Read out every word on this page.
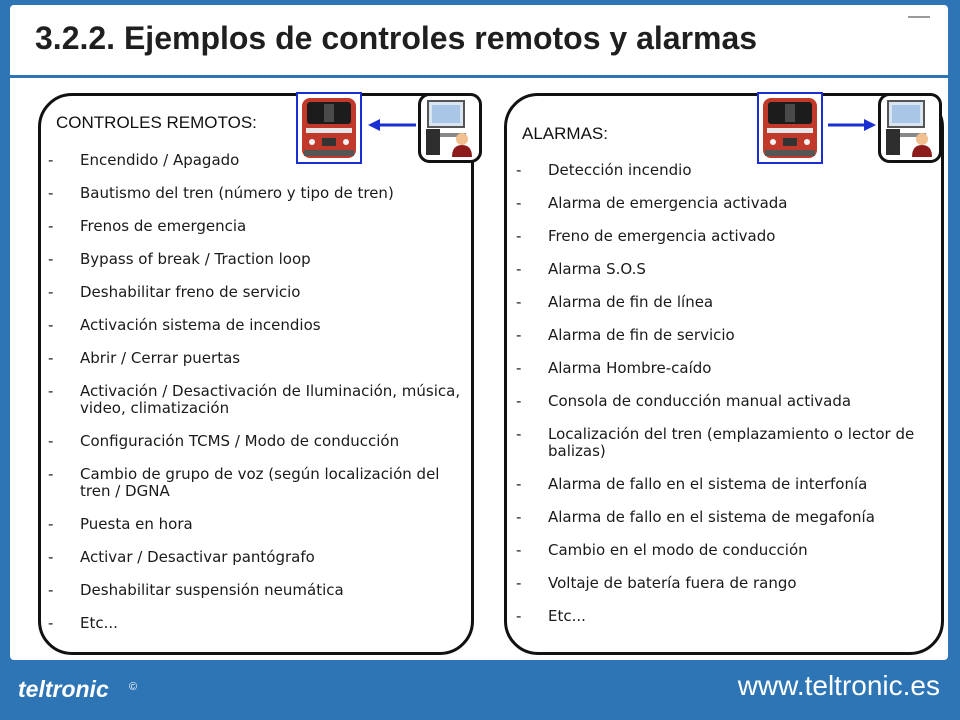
3.2.2. Ejemplos de controles remotos y alarmas
CONTROLES REMOTOS:
- Encendido / Apagado
- Bautismo del tren (número y tipo de tren)
- Frenos de emergencia
- Bypass of break / Traction loop
- Deshabilitar freno de servicio
- Activación sistema de incendios
- Abrir / Cerrar puertas
- Activación / Desactivación de Iluminación, música, video, climatización
- Configuración TCMS / Modo de conducción
- Cambio de grupo de voz (según localización del tren / DGNA
- Puesta en hora
- Activar / Desactivar pantógrafo
- Deshabilitar suspensión neumática
- Etc...
ALARMAS:
- Detección incendio
- Alarma de emergencia activada
- Freno de emergencia activado
- Alarma S.O.S
- Alarma de fin de línea
- Alarma de fin de servicio
- Alarma Hombre-caído
- Consola de conducción manual activada
- Localización del tren (emplazamiento o lector de balizas)
- Alarma de fallo en el sistema de interfonía
- Alarma de fallo en el sistema de megafonía
- Cambio en el modo de conducción
- Voltaje de batería fuera de rango
- Etc...
teltronic ©	www.teltronic.es
